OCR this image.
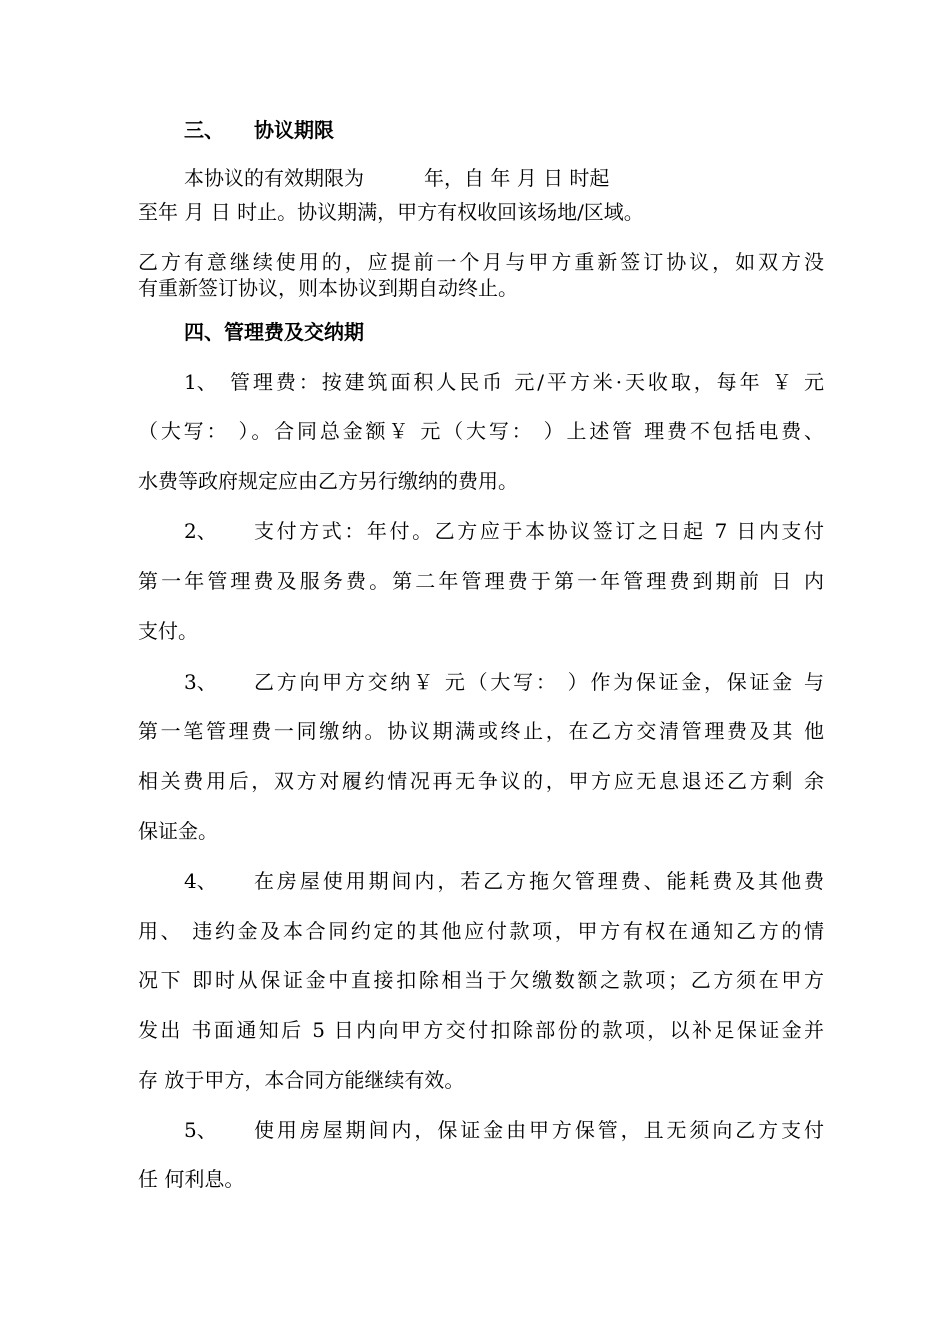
三、 协议期限
本协议的有效期限为　　　年，自 年 月 日 时起
至年 月 日 时止。协议期满，甲方有权收回该场地/区域。
乙方有意继续使用的，应提前一个月与甲方重新签订协议，如双方没
有重新签订协议，则本协议到期自动终止。
四、管理费及交纳期
1、 管理费：按建筑面积人民币 元/平方米·天收取，每年 ￥ 元
（大写： ）。合同总金额￥ 元（大写： ）上述管 理费不包括电费、
水费等政府规定应由乙方另行缴纳的费用。
2、 支付方式：年付。乙方应于本协议签订之日起 7 日内支付
第一年管理费及服务费。第二年管理费于第一年管理费到期前 日 内
支付。
3、 乙方向甲方交纳￥ 元（大写： ）作为保证金，保证金 与
第一笔管理费一同缴纳。协议期满或终止，在乙方交清管理费及其 他
相关费用后，双方对履约情况再无争议的，甲方应无息退还乙方剩 余
保证金。
4、 在房屋使用期间内，若乙方拖欠管理费、能耗费及其他费
用、 违约金及本合同约定的其他应付款项，甲方有权在通知乙方的情
况下 即时从保证金中直接扣除相当于欠缴数额之款项；乙方须在甲方
发出 书面通知后 5 日内向甲方交付扣除部份的款项，以补足保证金并
存 放于甲方，本合同方能继续有效。
5、 使用房屋期间内，保证金由甲方保管，且无须向乙方支付
任 何利息。
